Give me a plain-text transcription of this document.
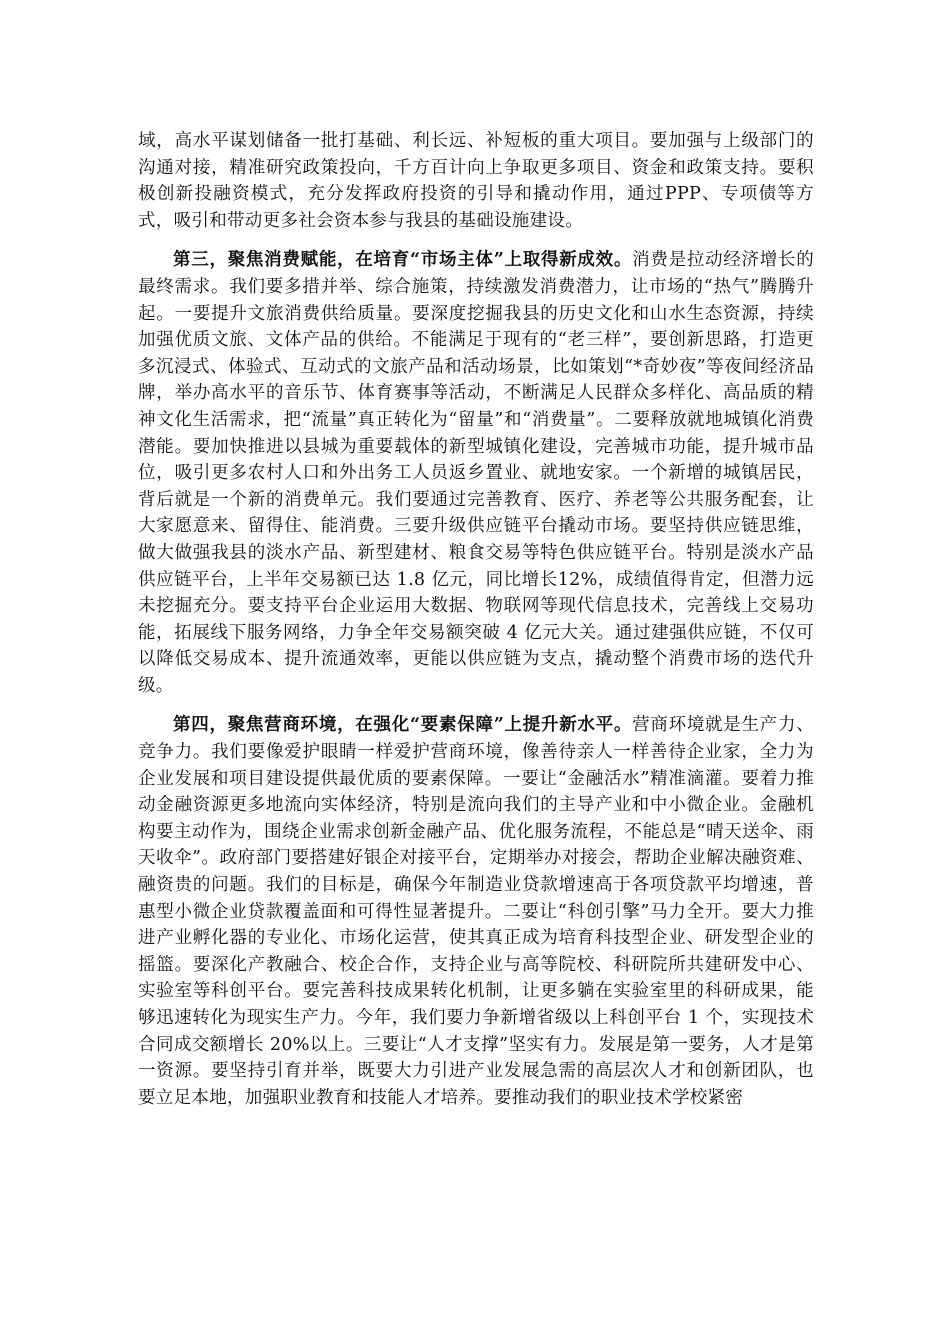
域，高水平谋划储备一批打基础、利长远、补短板的重大项目。要加强与上级部门的沟通对接，精准研究政策投向，千方百计向上争取更多项目、资金和政策支持。要积极创新投融资模式，充分发挥政府投资的引导和撬动作用，通过PPP、专项债等方式，吸引和带动更多社会资本参与我县的基础设施建设。

第三，聚焦消费赋能，在培育“市场主体”上取得新成效。消费是拉动经济增长的最终需求。我们要多措并举、综合施策，持续激发消费潜力，让市场的“热气”腾腾升起。一要提升文旅消费供给质量。要深度挖掘我县的历史文化和山水生态资源，持续加强优质文旅、文体产品的供给。不能满足于现有的“老三样”，要创新思路，打造更多沉浸式、体验式、互动式的文旅产品和活动场景，比如策划“*奇妙夜”等夜间经济品牌，举办高水平的音乐节、体育赛事等活动，不断满足人民群众多样化、高品质的精神文化生活需求，把“流量”真正转化为“留量”和“消费量”。二要释放就地城镇化消费潜能。要加快推进以县城为重要载体的新型城镇化建设，完善城市功能，提升城市品位，吸引更多农村人口和外出务工人员返乡置业、就地安家。一个新增的城镇居民，背后就是一个新的消费单元。我们要通过完善教育、医疗、养老等公共服务配套，让大家愿意来、留得住、能消费。三要升级供应链平台撬动市场。要坚持供应链思维，做大做强我县的淡水产品、新型建材、粮食交易等特色供应链平台。特别是淡水产品供应链平台，上半年交易额已达 1.8 亿元，同比增长12%，成绩值得肯定，但潜力远未挖掘充分。要支持平台企业运用大数据、物联网等现代信息技术，完善线上交易功能，拓展线下服务网络，力争全年交易额突破 4 亿元大关。通过建强供应链，不仅可以降低交易成本、提升流通效率，更能以供应链为支点，撬动整个消费市场的迭代升级。

第四，聚焦营商环境，在强化“要素保障”上提升新水平。营商环境就是生产力、竞争力。我们要像爱护眼睛一样爱护营商环境，像善待亲人一样善待企业家，全力为企业发展和项目建设提供最优质的要素保障。一要让“金融活水”精准滴灌。要着力推动金融资源更多地流向实体经济，特别是流向我们的主导产业和中小微企业。金融机构要主动作为，围绕企业需求创新金融产品、优化服务流程，不能总是“晴天送伞、雨天收伞”。政府部门要搭建好银企对接平台，定期举办对接会，帮助企业解决融资难、融资贵的问题。我们的目标是，确保今年制造业贷款增速高于各项贷款平均增速，普惠型小微企业贷款覆盖面和可得性显著提升。二要让“科创引擎”马力全开。要大力推进产业孵化器的专业化、市场化运营，使其真正成为培育科技型企业、研发型企业的摇篮。要深化产教融合、校企合作，支持企业与高等院校、科研院所共建研发中心、实验室等科创平台。要完善科技成果转化机制，让更多躺在实验室里的科研成果，能够迅速转化为现实生产力。今年，我们要力争新增省级以上科创平台 1 个，实现技术合同成交额增长 20%以上。三要让“人才支撑”坚实有力。发展是第一要务，人才是第一资源。要坚持引育并举，既要大力引进产业发展急需的高层次人才和创新团队，也要立足本地，加强职业教育和技能人才培养。要推动我们的职业技术学校紧密
